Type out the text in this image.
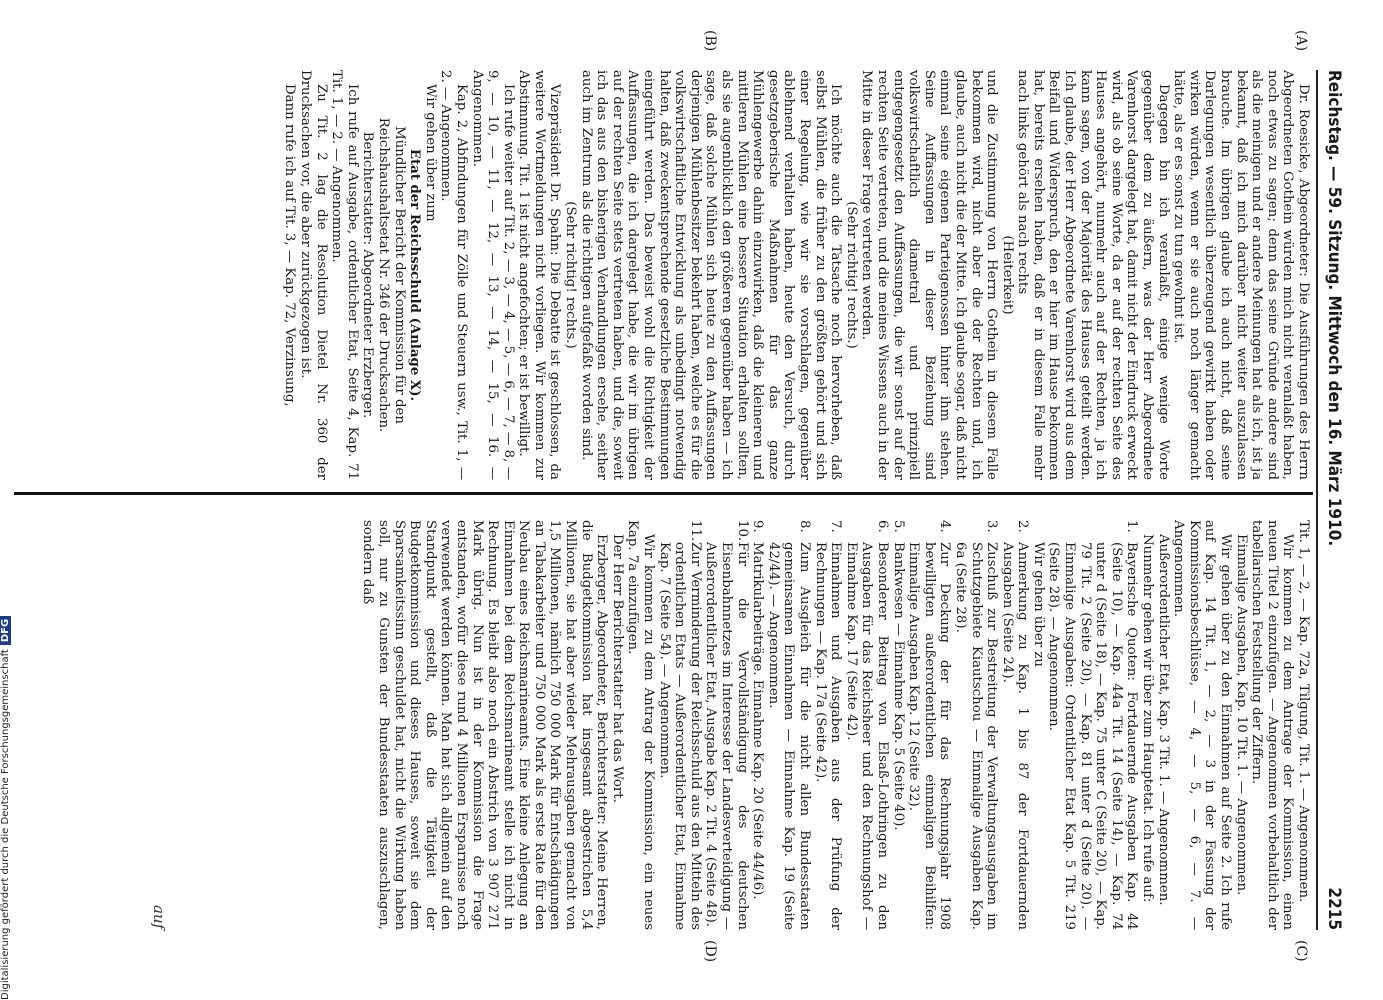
Reichstag. — 59. Sitzung. Mittwoch den 16. März 1910.
2215
(A)
(B)
(C)
(D)
auf

Dr. Roesicke, Abgeordneter: Die Ausführungen des Herrn Abgeordneten Gothein würden mich nicht veranlaßt haben, noch etwas zu sagen; denn das seine Gründe andere sind als die meinigen und er andere Meinungen hat als ich, ist ja bekannt, daß ich mich darüber nicht weiter auszulassen brauche. Im übrigen glaube ich auch nicht, daß seine Darlegungen wesentlich überzeugend gewirkt haben oder wirken würden, wenn er sie auch noch länger gemacht hätte, als er es sonst zu tun gewohnt ist.

Dagegen bin ich veranlaßt, einige wenige Worte gegenüber dem zu äußern, was der Herr Abgeordnete Varenhorst dargelegt hat, damit nicht der Eindruck erweckt wird, als ob seine Worte, da er auf der rechten Seite des Hauses angehört, nunmehr auch auf der Rechten, ja ich kann sagen, von der Majorität des Hauses geteilt werden. Ich glaube, der Herr Abgeordnete Varenhorst wird aus dem Beifall und Widerspruch, den er hier im Hause bekommen hat, bereits ersehen haben, daß er in diesem Falle mehr nach links gehört als nach rechts

(Heiterkeit)

und die Zustimmung von Herrn Gothein in diesem Falle bekommen wird, nicht aber die der Rechten und, ich glaube, auch nicht die der Mitte. Ich glaube sogar, daß nicht einmal seine eigenen Parteigenossen hinter ihm stehen. Seine Auffassungen in dieser Beziehung sind volkswirtschaftlich diametral und prinzipiell entgegengesetzt den Auffassungen, die wir sonst auf der rechten Seite vertreten, und die meines Wissens auch in der Mitte in dieser Frage vertreten werden.

(Sehr richtig! rechts.)

Ich möchte auch die Tatsache noch hervorheben, daß selbst Mühlen, die früher zu den größten gehört und sich einer Regelung, wie wir sie vorschlagen, gegenüber ablehnend verhalten haben, heute den Versuch, durch gesetzgeberische Maßnahmen für das ganze Mühlengewerbe dahin einzuwirken, daß die kleineren und mittleren Mühlen eine bessere Situation erhalten sollten, als sie augenblicklich den größeren gegenüber haben — ich sage, daß solche Mühlen sich heute zu den Auffassungen derjenigen Mühlenbesitzer bekehrt haben, welche es für die volkswirtschaftliche Entwicklung als unbedingt notwendig halten, daß zweckentsprechende gesetzliche Bestimmungen eingeführt werden. Das beweist wohl die Richtigkeit der Auffassungen, die ich dargelegt habe, die wir im übrigen auf der rechten Seite stets vertreten haben, und die, soweit ich das aus den bisherigen Verhandlungen ersehe, seither auch im Zentrum als die richtigen aufgefaßt worden sind.

(Sehr richtig! rechts.)

Vizepräsident Dr. Spahn: Die Debatte ist geschlossen, da weitere Wortmeldungen nicht vorliegen. Wir kommen zur Abstimmung. Tit. 1 ist nicht angefochten; er ist bewilligt.

Ich rufe weiter auf Tit. 2, — 3, — 4, — 5, — 6, — 7, — 8, — 9, — 10, — 11, — 12, — 13, — 14, — 15, — 16. — Angenommen.

Kap. 2, Abfindungen für Zölle und Steuern usw., Tit. 1, — 2. — Angenommen.

Wir gehen über zum

Etat der Reichsschuld (Anlage X).

Mündlicher Bericht der Kommission für den Reichshaushaltsetat Nr. 346 der Drucksachen.

Berichterstatter: Abgeordneter Erzberger.

Ich rufe auf Ausgabe, ordentlicher Etat, Seite 4, Kap. 71 Tit. 1, — 2. — Angenommen.

Zu Tit. 2 lag die Resolution Dietel Nr. 360 der Drucksachen vor, die aber zurückgezogen ist.

Dann rufe ich auf Tit. 3, — Kap. 72, Verzinsung,

Tit. 1, — 2, — Kap. 72a, Tilgung, Tit. 1. — Angenommen.

Wir kommen zu dem Antrage der Kommission, einen neuen Titel 2 einzufügen. — Angenommen vorbehaltlich der tabellarischen Feststellung der Ziffern.

Einmalige Ausgaben, Kap. 10 Tit. 1. — Angenommen.

Wir gehen über zu den Einnahmen auf Seite 2. Ich rufe auf Kap. 14 Tit. 1, — 2, — 3 in der Fassung der Kommissionsbeschlüsse, — 4, — 5, — 6, — 7. — Angenommen.

Außerordentlicher Etat, Kap. 3 Tit. 1. — Angenommen.

Nunmehr gehen wir über zum Hauptetat. Ich rufe auf:

1.
Bayerische Quoten: Fortdauernde Ausgaben Kap. 44 (Seite 10), — Kap. 44a Tit. 14 (Seite 14), — Kap. 74 unter d (Seite 18), — Kap. 75 unter C (Seite 20), — Kap. 79 Tit. 2 (Seite 20), — Kap. 81 unter d (Seite 20). — Einmalige Ausgaben: Ordentlicher Etat Kap. 5 Tit. 219 (Seite 28). — Angenommen.
Wir gehen über zu
2.
Anmerkung zu Kap. 1 bis 87 der Fortdauernden Ausgaben (Seite 24).
3.
Zuschuß zur Bestreitung der Verwaltungsausgaben im Schutzgebiete Kiautschou — Einmalige Ausgaben Kap. 6a (Seite 28).
4.
Zur Deckung der für das Rechnungsjahr 1908 bewilligten außerordentlichen einmaligen Beihilfen: Einmalige Ausgaben Kap. 12 (Seite 32).
5.
Bankwesen — Einnahme Kap. 5 (Seite 40).
6.
Besonderer Beitrag von Elsaß-Lothringen zu den Ausgaben für das Reichsheer und den Rechnungshof — Einnahme Kap. 17 (Seite 42).
7.
Einnahmen und Ausgaben aus der Prüfung der Rechnungen — Kap. 17a (Seite 42).
8.
Zum Ausgleich für die nicht allen Bundesstaaten gemeinsamen Einnahmen — Einnahme Kap. 19 (Seite 42/44). — Angenommen.
9.
Matrikularbeiträge. Einnahme Kap. 20 (Seite 44/46).
10.
Für die Vervollständigung des deutschen Eisenbahnnetzes im Interesse der Landesverteidigung — Außerordentlicher Etat, Ausgabe Kap. 2 Tit. 4 (Seite 48).
11.
Zur Verminderung der Reichsschuld aus den Mitteln des ordentlichen Etats — Außerordentlicher Etat, Einnahme Kap. 7 (Seite 54). — Angenommen.

Wir kommen zu dem Antrag der Kommission, ein neues Kap. 7a einzufügen.

Der Herr Berichterstatter hat das Wort.

Erzberger, Abgeordneter, Berichterstatter: Meine Herren, die Budgetkommission hat insgesamt abgestrichen 5,4 Millionen, sie hat aber wieder Mehrausgaben gemacht von 1,5 Millionen, nämlich 750 000 Mark für Entschädigungen an Tabakarbeiter und 750 000 Mark als erste Rate für den Neubau eines Reichsmarineamts. Eine kleine Anlegung an Einnahmen bei dem Reichsmarineamt stelle ich nicht in Rechnung. Es bleibt also noch ein Abstrich von 3 907 271 Mark übrig. Nun ist in der Kommission die Frage entstanden, wofür diese rund 4 Millionen Ersparnisse noch verwendet werden können. Man hat sich allgemein auf den Standpunkt gestellt, daß die Tätigkeit der Budgetkommission und dieses Hauses, soweit sie dem Sparsamkeitssinn geschuldet hat, nicht die Wirkung haben soll, nur zu Gunsten der Bundesstaaten auszuschlagen, sondern daß

Digitalisierung gefördert durch die Deutsche ForschungsgemeinschaftDFG
